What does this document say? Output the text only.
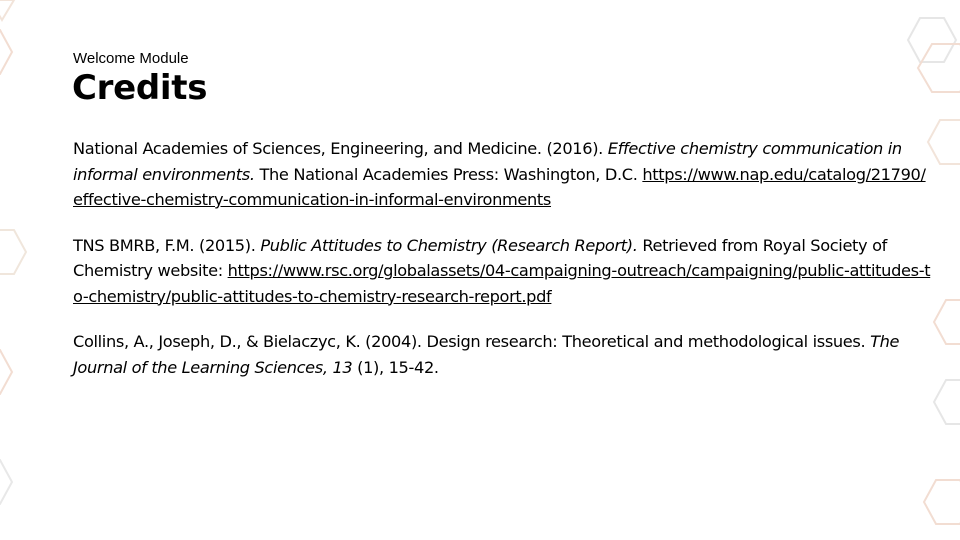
Welcome Module
Credits

National Academies of Sciences, Engineering, and Medicine. (2016). Effective chemistry communication in informal environments. The National Academies Press: Washington, D.C. https://www.nap.edu/catalog/21790/effective-chemistry-communication-in-informal-environments

TNS BMRB, F.M. (2015). Public Attitudes to Chemistry (Research Report). Retrieved from Royal Society of Chemistry website: https://www.rsc.org/globalassets/04-campaigning-outreach/campaigning/public-attitudes-to-chemistry/public-attitudes-to-chemistry-research-report.pdf

Collins, A., Joseph, D., & Bielaczyc, K. (2004). Design research: Theoretical and methodological issues. The Journal of the Learning Sciences, 13 (1), 15-42.
